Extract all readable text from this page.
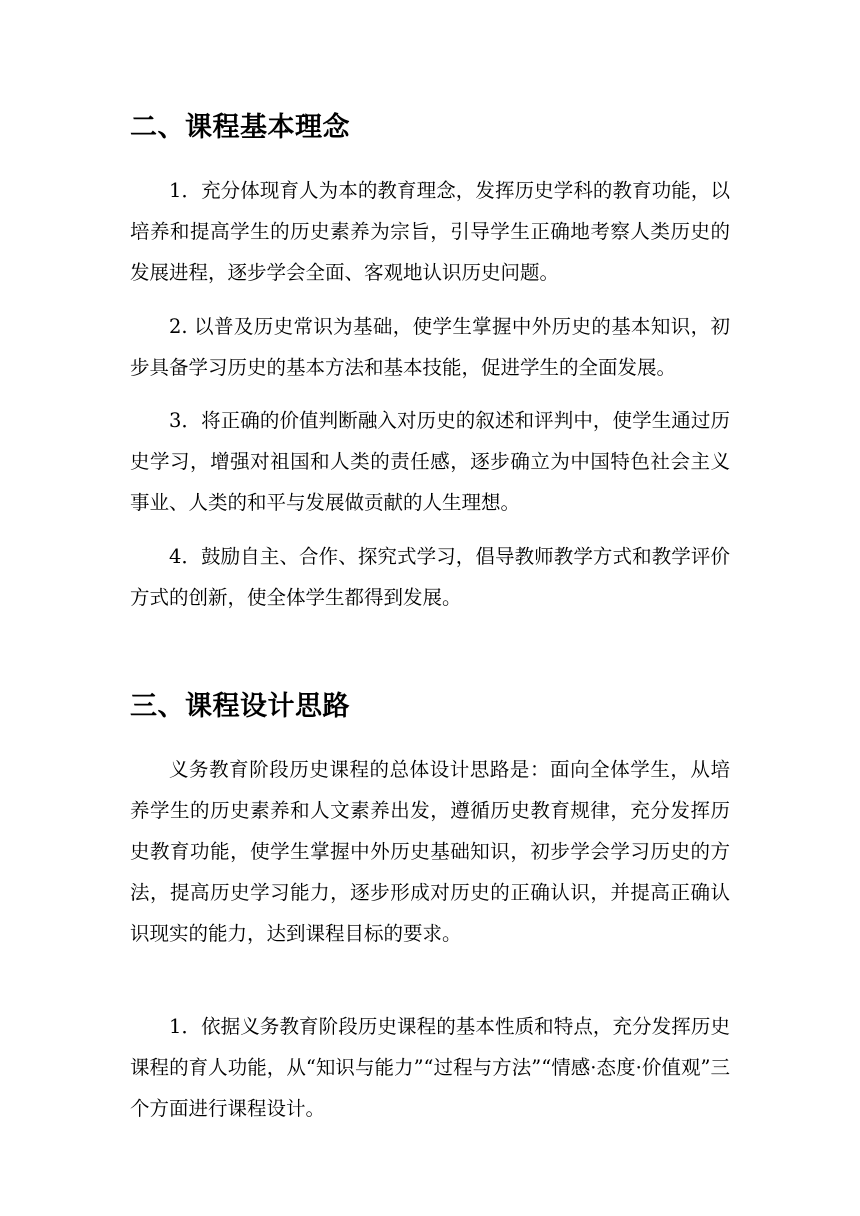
二、课程基本理念

1．充分体现育人为本的教育理念，发挥历史学科的教育功能，以培养和提高学生的历史素养为宗旨，引导学生正确地考察人类历史的发展进程，逐步学会全面、客观地认识历史问题。

2. 以普及历史常识为基础，使学生掌握中外历史的基本知识，初步具备学习历史的基本方法和基本技能，促进学生的全面发展。

3．将正确的价值判断融入对历史的叙述和评判中，使学生通过历史学习，增强对祖国和人类的责任感，逐步确立为中国特色社会主义事业、人类的和平与发展做贡献的人生理想。

4．鼓励自主、合作、探究式学习，倡导教师教学方式和教学评价方式的创新，使全体学生都得到发展。

三、课程设计思路

义务教育阶段历史课程的总体设计思路是：面向全体学生，从培养学生的历史素养和人文素养出发，遵循历史教育规律，充分发挥历史教育功能，使学生掌握中外历史基础知识，初步学会学习历史的方法，提高历史学习能力，逐步形成对历史的正确认识，并提高正确认识现实的能力，达到课程目标的要求。

1．依据义务教育阶段历史课程的基本性质和特点，充分发挥历史课程的育人功能，从“知识与能力”“过程与方法”“情感·态度·价值观”三个方面进行课程设计。
